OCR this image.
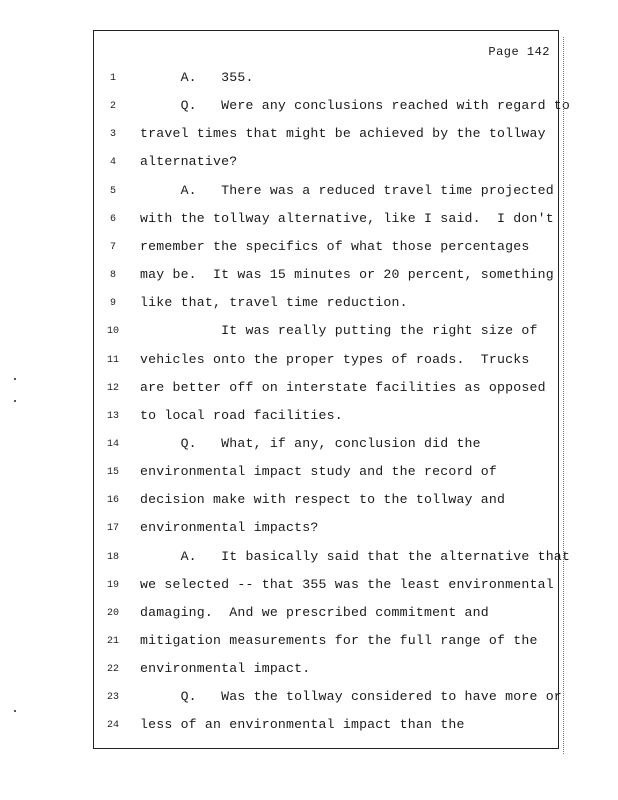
Page 142
1	A.   355.
2	Q.   Were any conclusions reached with regard to
3	travel times that might be achieved by the tollway
4	alternative?
5	A.   There was a reduced travel time projected
6	with the tollway alternative, like I said.  I don't
7	remember the specifics of what those percentages
8	may be.  It was 15 minutes or 20 percent, something
9	like that, travel time reduction.
10 It was really putting the right size of
11 vehicles onto the proper types of roads.  Trucks
12 are better off on interstate facilities as opposed
13 to local road facilities.
14 Q.   What, if any, conclusion did the
15 environmental impact study and the record of
16 decision make with respect to the tollway and
17 environmental impacts?
18 A.   It basically said that the alternative that
19 we selected -- that 355 was the least environmental
20 damaging.  And we prescribed commitment and
21 mitigation measurements for the full range of the
22 environmental impact.
23 Q.   Was the tollway considered to have more or
24 less of an environmental impact than the
